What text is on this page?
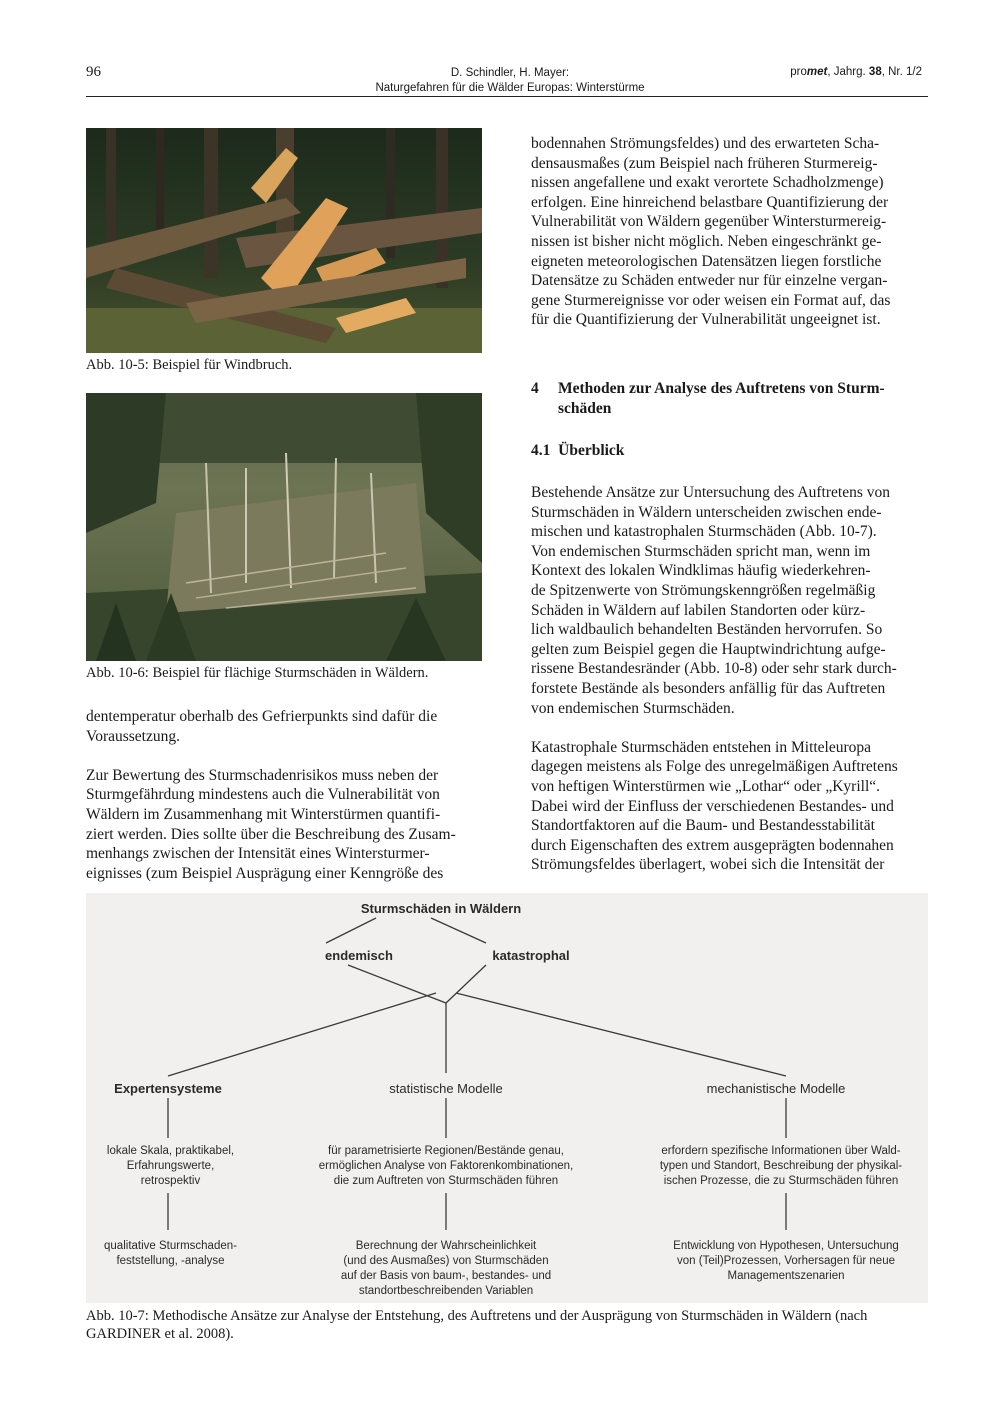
96	D. Schindler, H. Mayer:
Naturgefahren für die Wälder Europas: Winterstürme
promet, Jahrg. 38, Nr. 1/2
Abb. 10-5: Beispiel für Windbruch.
Abb. 10-6: Beispiel für flächige Sturmschäden in Wäldern.

dentemperatur oberhalb des Gefrierpunkts sind dafür die
Voraussetzung.

Zur Bewertung des Sturmschadenrisikos muss neben der
Sturmgefährdung mindestens auch die Vulnerabilität von
Wäldern im Zusammenhang mit Winterstürmen quantifi-
ziert werden. Dies sollte über die Beschreibung des Zusam-
menhangs zwischen der Intensität eines Wintersturmer-
eignisses (zum Beispiel Ausprägung einer Kenngröße des

bodennahen Strömungsfeldes) und des erwarteten Scha-
densausmaßes (zum Beispiel nach früheren Sturmereig-
nissen angefallene und exakt verortete Schadholzmenge)
erfolgen. Eine hinreichend belastbare Quantifizierung der
Vulnerabilität von Wäldern gegenüber Wintersturmereig-
nissen ist bisher nicht möglich. Neben eingeschränkt ge-
eigneten meteorologischen Datensätzen liegen forstliche
Datensätze zu Schäden entweder nur für einzelne vergan-
gene Sturmereignisse vor oder weisen ein Format auf, das
für die Quantifizierung der Vulnerabilität ungeeignet ist.

4 Methoden zur Analyse des Auftretens von Sturm-
schäden
4.1  Überblick

Bestehende Ansätze zur Untersuchung des Auftretens von
Sturmschäden in Wäldern unterscheiden zwischen ende-
mischen und katastrophalen Sturmschäden (Abb. 10-7).
Von endemischen Sturmschäden spricht man, wenn im
Kontext des lokalen Windklimas häufig wiederkehren-
de Spitzenwerte von Strömungskenngrößen regelmäßig
Schäden in Wäldern auf labilen Standorten oder kürz-
lich waldbaulich behandelten Beständen hervorrufen. So
gelten zum Beispiel gegen die Hauptwindrichtung aufge-
rissene Bestandesränder (Abb. 10-8) oder sehr stark durch-
forstete Bestände als besonders anfällig für das Auftreten
von endemischen Sturmschäden.

Katastrophale Sturmschäden entstehen in Mitteleuropa
dagegen meistens als Folge des unregelmäßigen Auftretens
von heftigen Winterstürmen wie „Lothar“ oder „Kyrill“.
Dabei wird der Einfluss der verschiedenen Bestandes- und
Standortfaktoren auf die Baum- und Bestandesstabilität
durch Eigenschaften des extrem ausgeprägten bodennahen
Strömungsfeldes überlagert, wobei sich die Intensität der

Sturmschäden in Wäldern
endemisch	katastrophal
Expertensysteme	statistische Modelle	mechanistische Modelle
lokale Skala, praktikabel,
Erfahrungswerte,
retrospektiv
für parametrisierte Regionen/Bestände genau,
ermöglichen Analyse von Faktorenkombinationen,
die zum Auftreten von Sturmschäden führen
erfordern spezifische Informationen über Wald-
typen und Standort, Beschreibung der physikal-
ischen Prozesse, die zu Sturmschäden führen
qualitative Sturmschaden-
feststellung, -analyse
Berechnung der Wahrscheinlichkeit
(und des Ausmaßes) von Sturmschäden
auf der Basis von baum-, bestandes- und
standortbeschreibenden Variablen
Entwicklung von Hypothesen, Untersuchung
von (Teil)Prozessen, Vorhersagen für neue
Managementszenarien
Abb. 10-7: Methodische Ansätze zur Analyse der Entstehung, des Auftretens und der Ausprägung von Sturmschäden in Wäldern (nach
GARDINER et al. 2008).
